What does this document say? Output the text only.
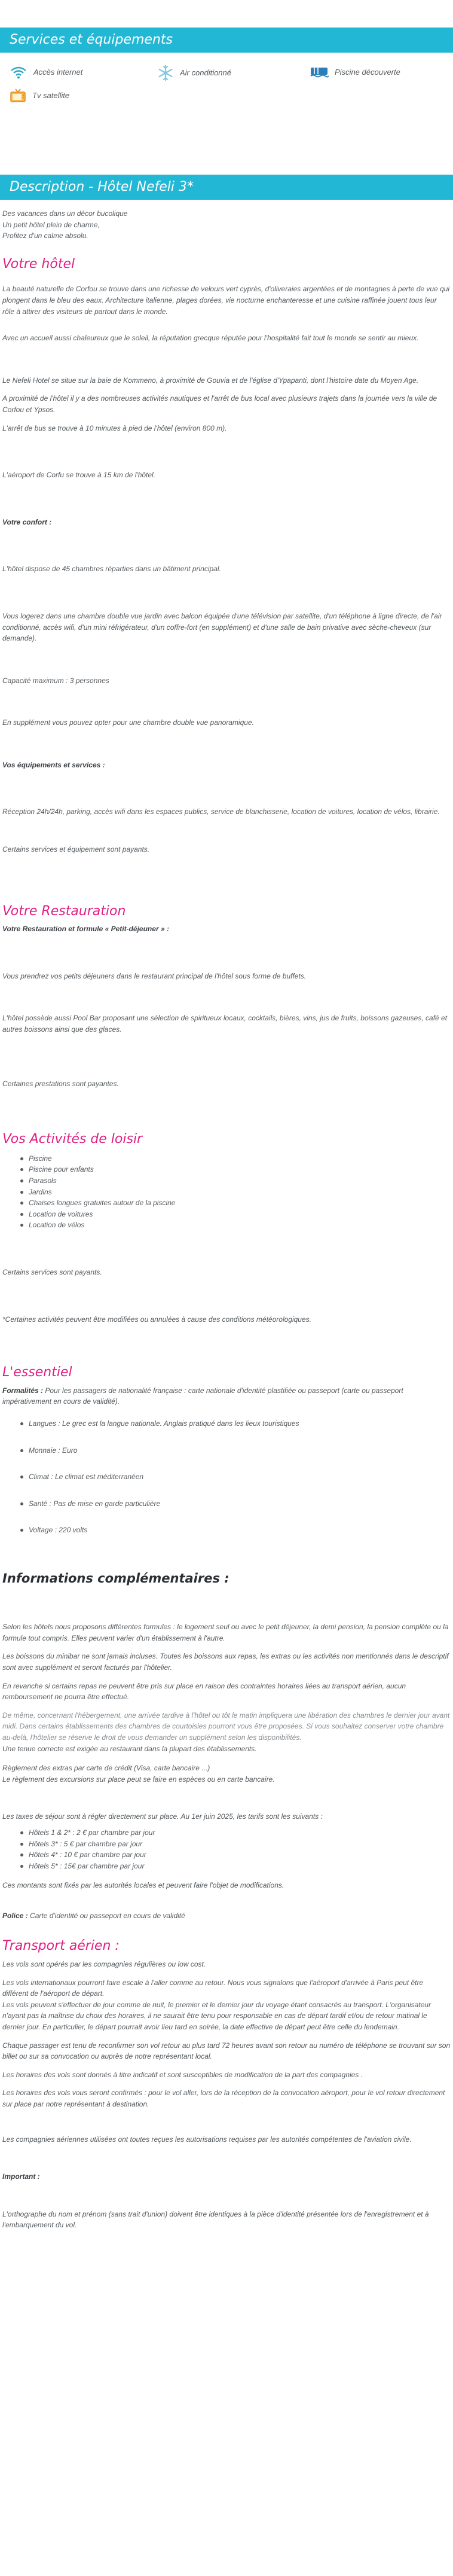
Services et équipements
Accès internet	Air conditionné	Piscine découverte
Tv satellite
Description - Hôtel Nefeli 3*

Des vacances dans un décor bucolique

Un petit hôtel plein de charme,

Profitez d'un calme absolu.

Votre hôtel

La beauté naturelle de Corfou se trouve dans une richesse de velours vert cyprès, d'oliveraies argentées et de montagnes à perte de vue qui plongent dans le bleu des eaux. Architecture italienne, plages dorées, vie nocturne enchanteresse et une cuisine raffinée jouent tous leur rôle à attirer des visiteurs de partout dans le monde.

Avec un accueil aussi chaleureux que le soleil, la réputation grecque réputée pour l'hospitalité fait tout le monde se sentir au mieux.

Le Nefeli Hotel se situe sur la baie de Kommeno, à proximité de Gouvia et de l'église d'Ypapanti, dont l'histoire date du Moyen Age.

A proximité de l'hôtel il y a des nombreuses activités nautiques et l'arrêt de bus local avec plusieurs trajets dans la journée vers la ville de Corfou et Ypsos.

L'arrêt de bus se trouve à 10 minutes à pied de l'hôtel (environ 800 m).

L'aéroport de Corfu se trouve à 15 km de l'hôtel.

Votre confort :

L'hôtel dispose de 45 chambres réparties dans un bâtiment principal.

Vous logerez dans une chambre double vue jardin avec balcon équipée d'une télévision par satellite, d'un téléphone à ligne directe, de l'air conditionné, accès wifi, d'un mini réfrigérateur, d'un coffre-fort (en supplément) et d'une salle de bain privative avec sèche-cheveux (sur demande).

Capacité maximum : 3 personnes

En supplément vous pouvez opter pour une chambre double vue panoramique.

Vos équipements et services :

Réception 24h/24h, parking, accès wifi dans les espaces publics, service de blanchisserie, location de voitures, location de vélos, librairie.

Certains services et équipement sont payants.

Votre Restauration

Votre Restauration et formule « Petit-déjeuner » :

Vous prendrez vos petits déjeuners dans le restaurant principal de l'hôtel sous forme de buffets.

L'hôtel possède aussi Pool Bar proposant une sélection de spiritueux locaux, cocktails, bières, vins, jus de fruits, boissons gazeuses, café et autres boissons ainsi que des glaces.

Certaines prestations sont payantes.

Vos Activités de loisir
Piscine
Piscine pour enfants
Parasols
Jardins
Chaises longues gratuites autour de la piscine
Location de voitures
Location de vélos

Certains services sont payants.

*Certaines activités peuvent être modifiées ou annulées à cause des conditions météorologiques.

L'essentiel

Formalités : Pour les passagers de nationalité française : carte nationale d'identité plastifiée ou passeport (carte ou passeport impérativement en cours de validité).

Langues : Le grec est la langue nationale. Anglais pratiqué dans les lieux touristiques
Monnaie : Euro
Climat : Le climat est méditerranéen
Santé : Pas de mise en garde particulière
Voltage : 220 volts
Informations complémentaires :

Selon les hôtels nous proposons différentes formules : le logement seul ou avec le petit déjeuner, la demi pension, la pension complète ou la formule tout compris. Elles peuvent varier d'un établissement à l'autre.

Les boissons du minibar ne sont jamais incluses. Toutes les boissons aux repas, les extras ou les activités non mentionnés dans le descriptif sont avec supplément et seront facturés par l'hôtelier.

En revanche si certains repas ne peuvent être pris sur place en raison des contraintes horaires liées au transport aérien, aucun remboursement ne pourra être effectué.

De même, concernant l'hébergement, une arrivée tardive à l'hôtel ou tôt le matin impliquera une libération des chambres le dernier jour avant midi. Dans certains établissements des chambres de courtoisies pourront vous être proposées. Si vous souhaitez conserver votre chambre au-delà, l'hôtelier se réserve le droit de vous demander un supplément selon les disponibilités.

Une tenue correcte est exigée au restaurant dans la plupart des établissements.

Règlement des extras par carte de crédit (Visa, carte bancaire ...)

Le règlement des excursions sur place peut se faire en espèces ou en carte bancaire.

Les taxes de séjour sont à régler directement sur place. Au 1er juin 2025, les tarifs sont les suivants :

Hôtels 1 & 2* : 2 € par chambre par jour
Hôtels 3* : 5 € par chambre par jour
Hôtels 4* : 10 € par chambre par jour
Hôtels 5* : 15€ par chambre par jour

Ces montants sont fixés par les autorités locales et peuvent faire l'objet de modifications.

Police : Carte d'identité ou passeport en cours de validité

Transport aérien :

Les vols sont opérés par les compagnies régulières ou low cost.

Les vols internationaux pourront faire escale à l'aller comme au retour. Nous vous signalons que l'aéroport d'arrivée à Paris peut être différent de l'aéroport de départ.

Les vols peuvent s'effectuer de jour comme de nuit, le premier et le dernier jour du voyage étant consacrés au transport. L'organisateur n'ayant pas la maîtrise du choix des horaires, il ne saurait être tenu pour responsable en cas de départ tardif et/ou de retour matinal le dernier jour. En particulier, le départ pourrait avoir lieu tard en soirée, la date effective de départ peut être celle du lendemain.

Chaque passager est tenu de reconfirmer son vol retour au plus tard 72 heures avant son retour au numéro de téléphone se trouvant sur son billet ou sur sa convocation ou auprès de notre représentant local.

Les horaires des vols sont donnés à titre indicatif et sont susceptibles de modification de la part des compagnies .

Les horaires des vols vous seront confirmés : pour le vol aller, lors de la réception de la convocation aéroport, pour le vol retour directement sur place par notre représentant à destination.

Les compagnies aériennes utilisées ont toutes reçues les autorisations requises par les autorités compétentes de l'aviation civile.

Important :

L'orthographe du nom et prénom (sans trait d'union) doivent être identiques à la pièce d'identité présentée lors de l'enregistrement et à l'embarquement du vol.
